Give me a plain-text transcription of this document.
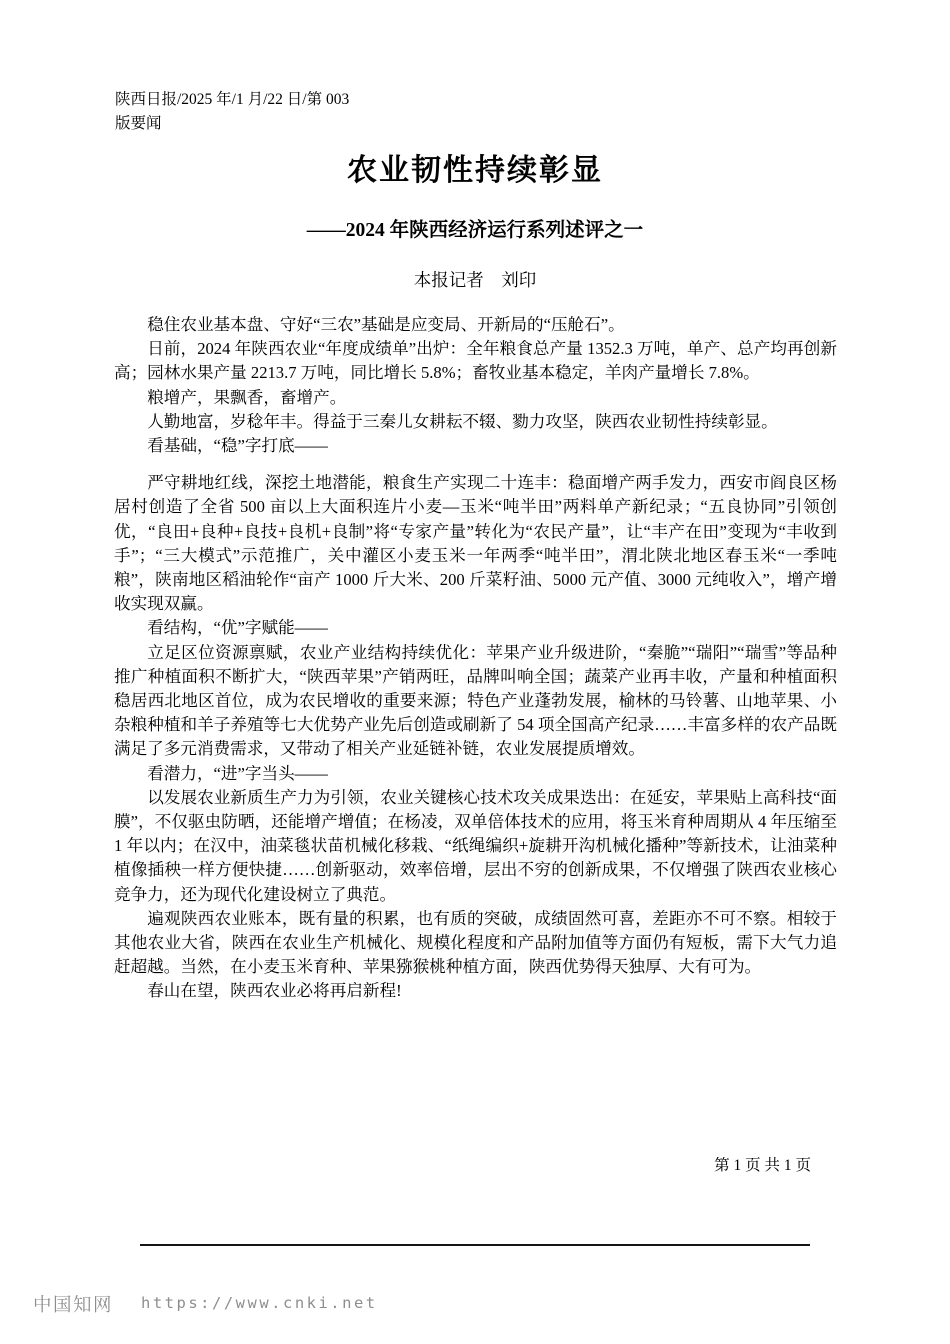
陕西日报/2025 年/1 月/22 日/第 003
版要闻
农业韧性持续彰显
——2024 年陕西经济运行系列述评之一
本报记者　刘印

稳住农业基本盘、守好“三农”基础是应变局、开新局的“压舱石”。

日前，2024 年陕西农业“年度成绩单”出炉：全年粮食总产量 1352.3 万吨，单产、总产均再创新高；园林水果产量 2213.7 万吨，同比增长 5.8%；畜牧业基本稳定，羊肉产量增长 7.8%。

粮增产，果飘香，畜增产。

人勤地富，岁稔年丰。得益于三秦儿女耕耘不辍、勠力攻坚，陕西农业韧性持续彰显。

看基础，“稳”字打底——

严守耕地红线，深挖土地潜能，粮食生产实现二十连丰：稳面增产两手发力，西安市阎良区杨居村创造了全省 500 亩以上大面积连片小麦—玉米“吨半田”两料单产新纪录；“五良协同”引领创优，“良田+良种+良技+良机+良制”将“专家产量”转化为“农民产量”，让“丰产在田”变现为“丰收到手”；“三大模式”示范推广，关中灌区小麦玉米一年两季“吨半田”，渭北陕北地区春玉米“一季吨粮”，陕南地区稻油轮作“亩产 1000 斤大米、200 斤菜籽油、5000 元产值、3000 元纯收入”，增产增收实现双赢。

看结构，“优”字赋能——

立足区位资源禀赋，农业产业结构持续优化：苹果产业升级进阶，“秦脆”“瑞阳”“瑞雪”等品种推广种植面积不断扩大，“陕西苹果”产销两旺，品牌叫响全国；蔬菜产业再丰收，产量和种植面积稳居西北地区首位，成为农民增收的重要来源；特色产业蓬勃发展，榆林的马铃薯、山地苹果、小杂粮种植和羊子养殖等七大优势产业先后创造或刷新了 54 项全国高产纪录……丰富多样的农产品既满足了多元消费需求，又带动了相关产业延链补链，农业发展提质增效。

看潜力，“进”字当头——

以发展农业新质生产力为引领，农业关键核心技术攻关成果迭出：在延安，苹果贴上高科技“面膜”，不仅驱虫防晒，还能增产增值；在杨凌，双单倍体技术的应用，将玉米育种周期从 4 年压缩至 1 年以内；在汉中，油菜毯状苗机械化移栽、“纸绳编织+旋耕开沟机械化播种”等新技术，让油菜种植像插秧一样方便快捷……创新驱动，效率倍增，层出不穷的创新成果，不仅增强了陕西农业核心竞争力，还为现代化建设树立了典范。

遍观陕西农业账本，既有量的积累，也有质的突破，成绩固然可喜，差距亦不可不察。相较于其他农业大省，陕西在农业生产机械化、规模化程度和产品附加值等方面仍有短板，需下大气力追赶超越。当然，在小麦玉米育种、苹果猕猴桃种植方面，陕西优势得天独厚、大有可为。

春山在望，陕西农业必将再启新程!

第 1 页 共 1 页
中国知网 https://www.cnki.net
